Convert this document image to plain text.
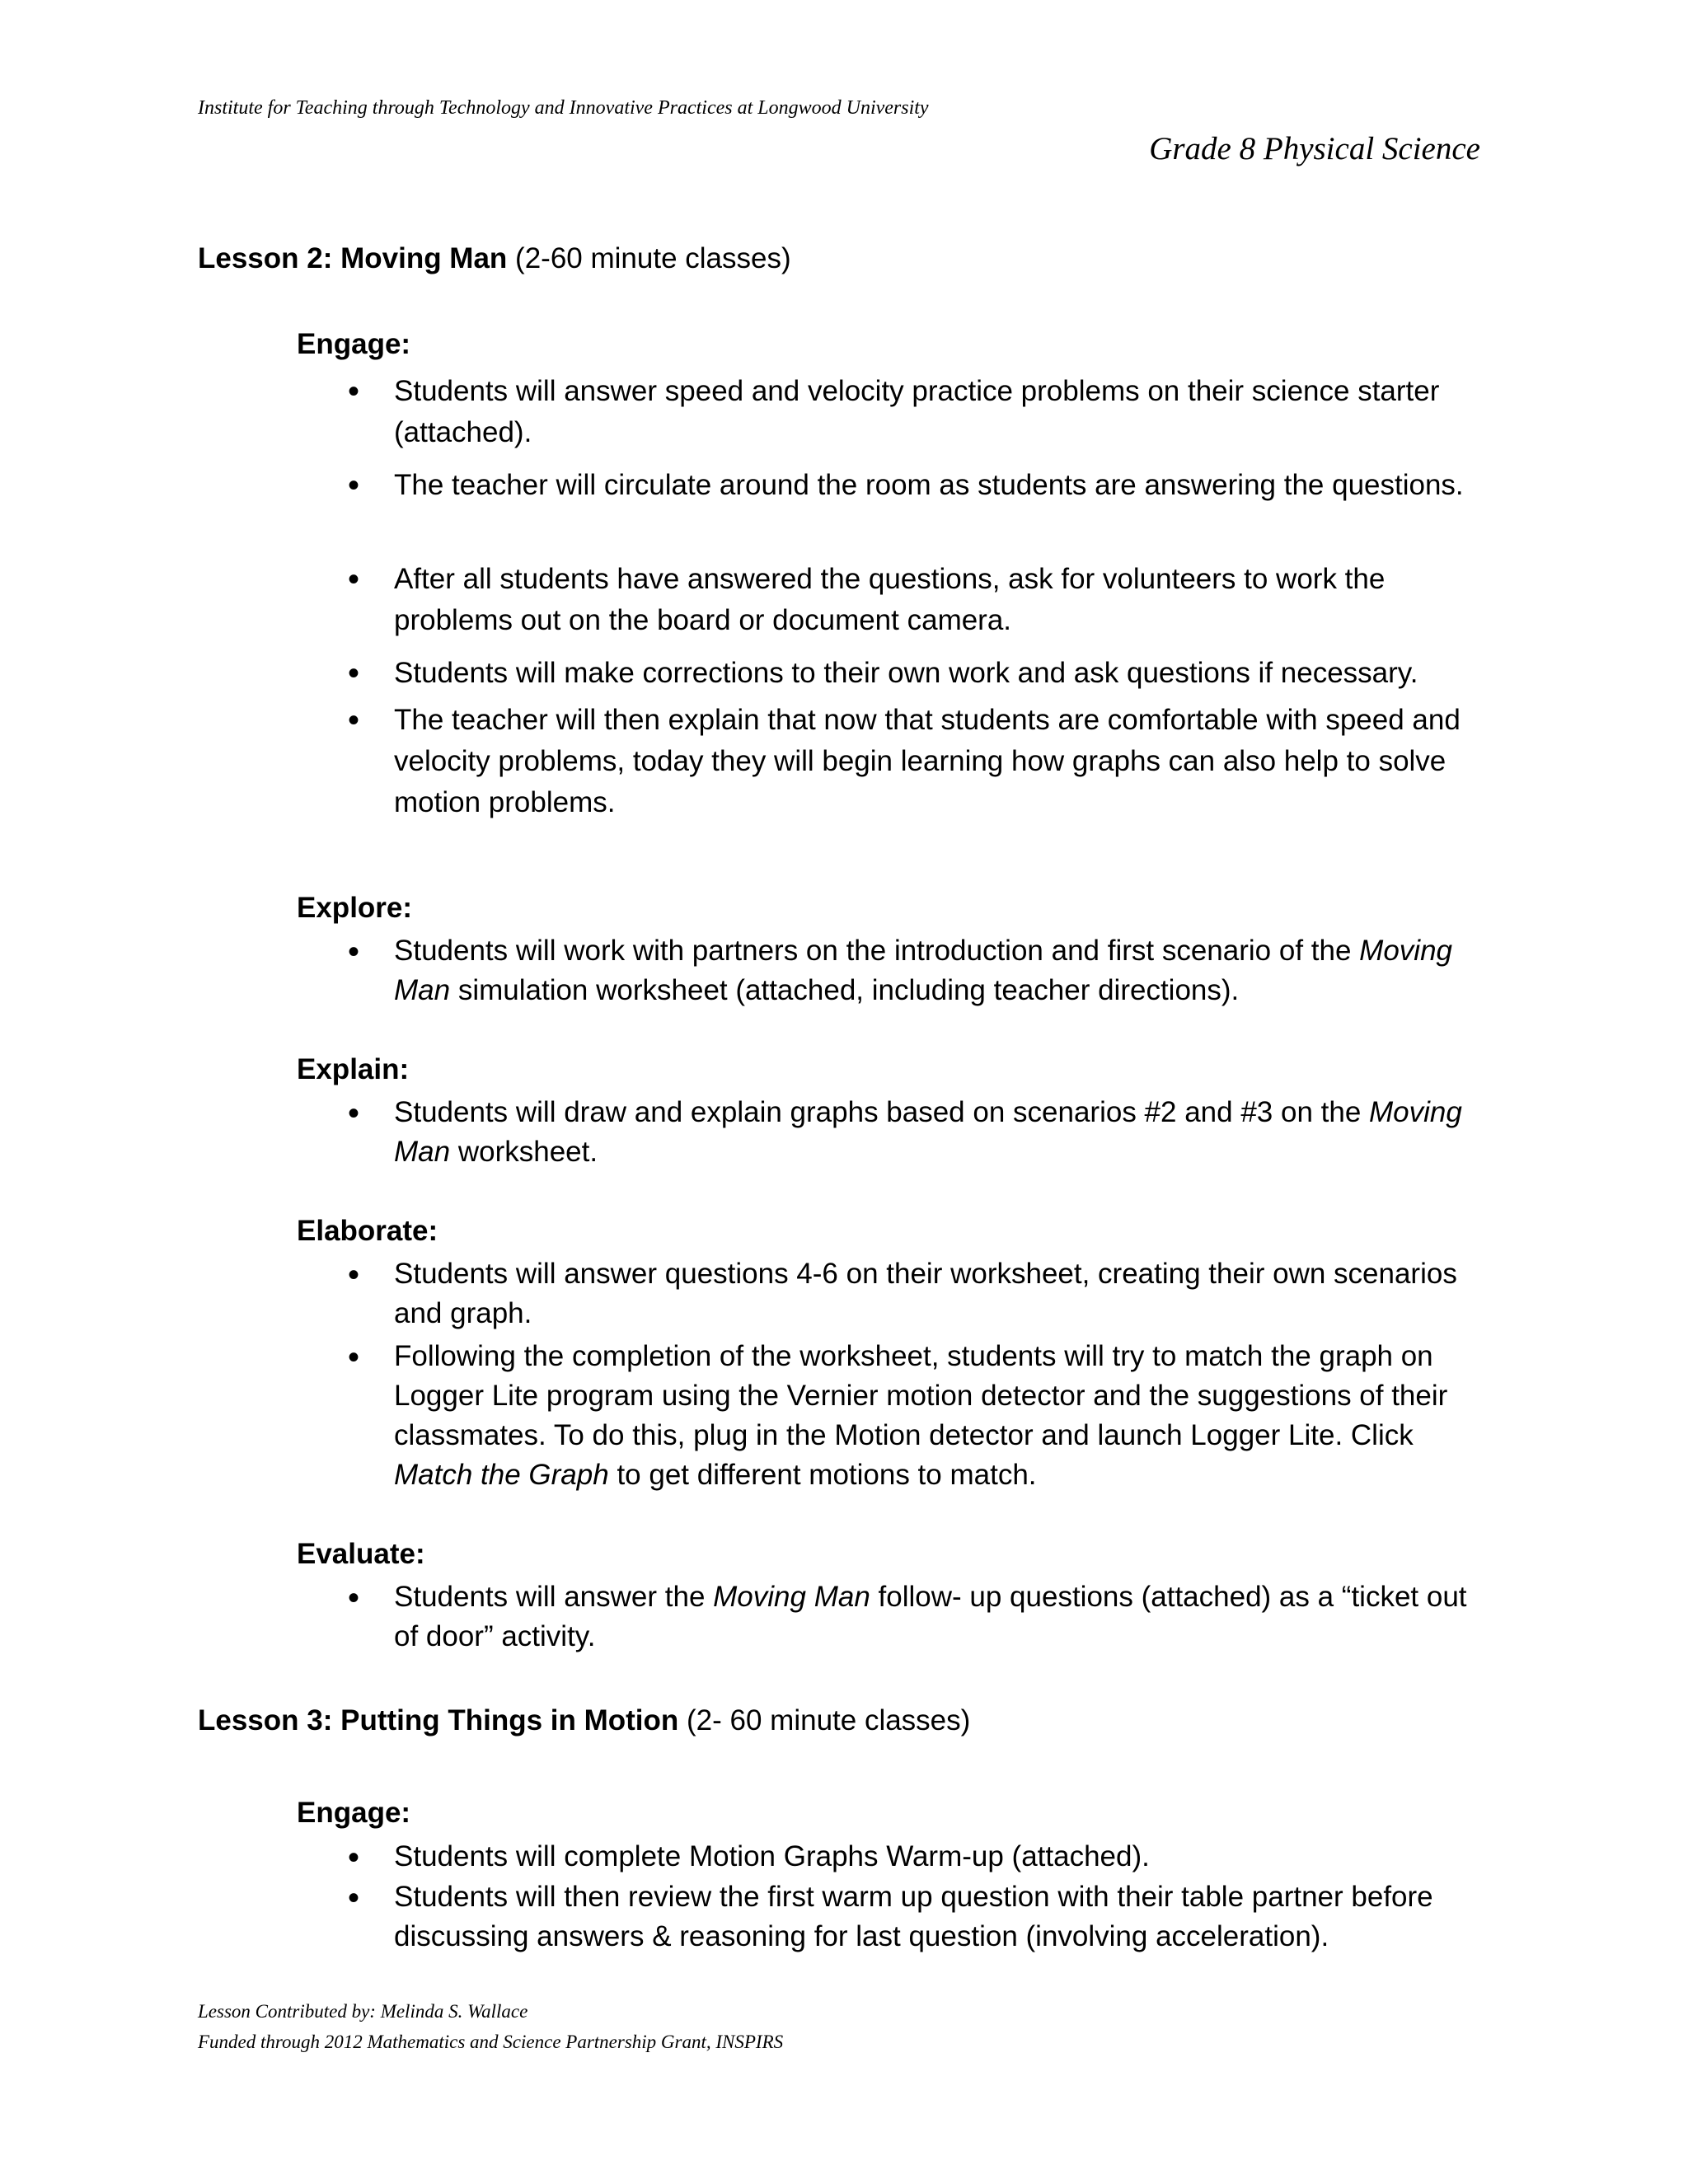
Institute for Teaching through Technology and Innovative Practices at Longwood University
Grade 8 Physical Science
Lesson 2: Moving Man (2-60 minute classes)
Engage:
• Students will answer speed and velocity practice problems on their science starter (attached).
• The teacher will circulate around the room as students are answering the questions.
• After all students have answered the questions, ask for volunteers to work the problems out on the board or document camera.
• Students will make corrections to their own work and ask questions if necessary.
• The teacher will then explain that now that students are comfortable with speed and velocity problems, today they will begin learning how graphs can also help to solve motion problems.
Explore:
• Students will work with partners on the introduction and first scenario of the Moving Man simulation worksheet (attached, including teacher directions).
Explain:
• Students will draw and explain graphs based on scenarios #2 and #3 on the Moving Man worksheet.
Elaborate:
• Students will answer questions 4-6 on their worksheet, creating their own scenarios and graph.
• Following the completion of the worksheet, students will try to match the graph on Logger Lite program using the Vernier motion detector and the suggestions of their classmates. To do this, plug in the Motion detector and launch Logger Lite. Click Match the Graph to get different motions to match.
Evaluate:
• Students will answer the Moving Man follow- up questions (attached) as a “ticket out of door” activity.
Lesson 3: Putting Things in Motion (2- 60 minute classes)
Engage:
• Students will complete Motion Graphs Warm-up (attached).
• Students will then review the first warm up question with their table partner before discussing answers & reasoning for last question (involving acceleration).
Lesson Contributed by: Melinda S. Wallace
Funded through 2012 Mathematics and Science Partnership Grant, INSPIRS
